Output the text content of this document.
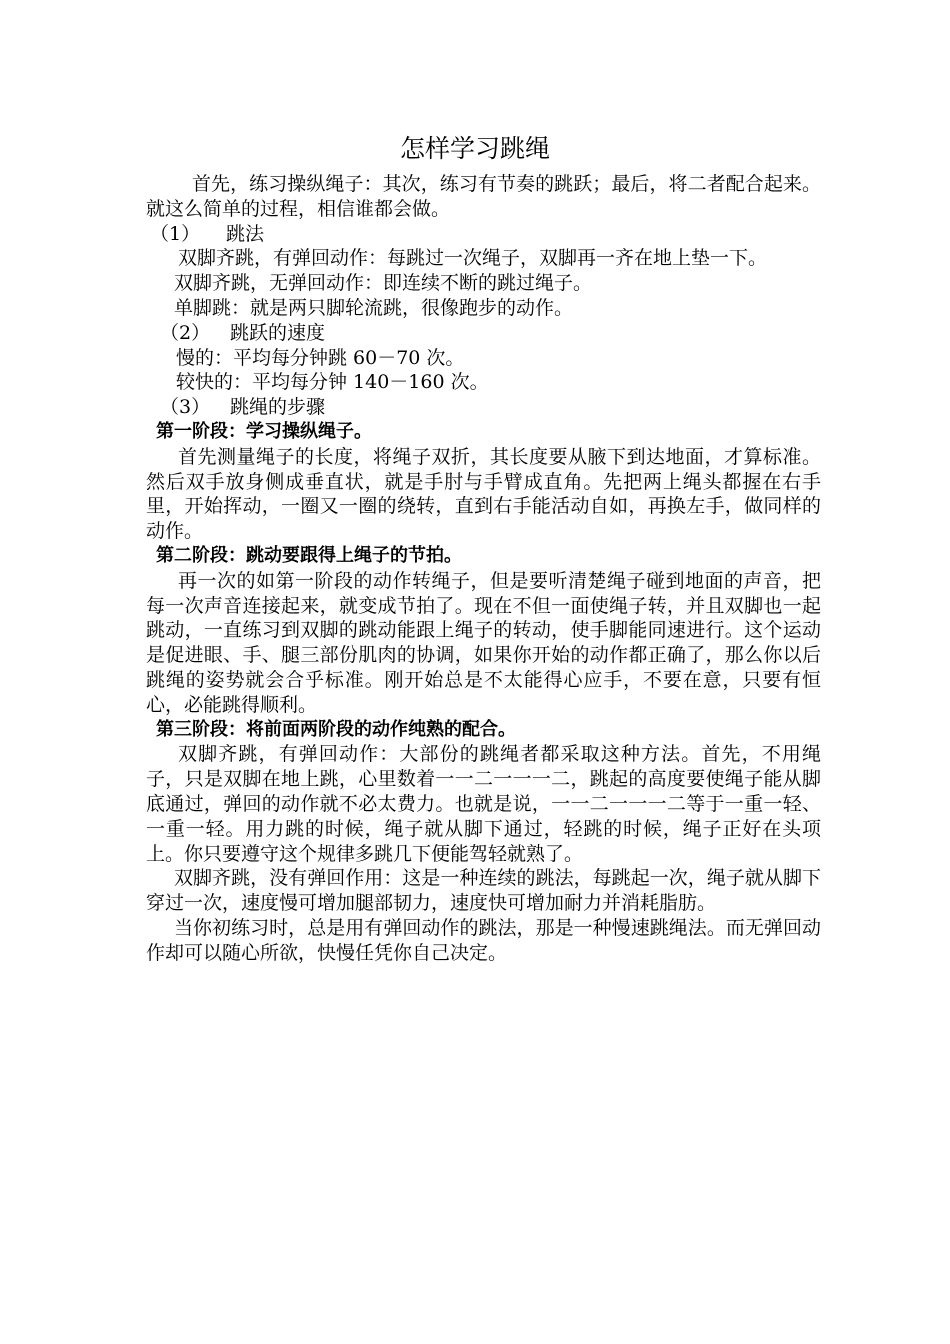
怎样学习跳绳

首先，练习操纵绳子：其次，练习有节奏的跳跃；最后，将二者配合起来。就这么简单的过程，相信谁都会做。

（1） 跳法

双脚齐跳，有弹回动作：每跳过一次绳子，双脚再一齐在地上垫一下。

双脚齐跳，无弹回动作：即连续不断的跳过绳子。

单脚跳：就是两只脚轮流跳，很像跑步的动作。

（2） 跳跃的速度

慢的：平均每分钟跳 60－70 次。

较快的：平均每分钟 140－160 次。

（3） 跳绳的步骤

第一阶段：学习操纵绳子。

首先测量绳子的长度，将绳子双折，其长度要从腋下到达地面，才算标准。然后双手放身侧成垂直状，就是手肘与手臂成直角。先把两上绳头都握在右手里，开始挥动，一圈又一圈的绕转，直到右手能活动自如，再换左手，做同样的动作。

第二阶段：跳动要跟得上绳子的节拍。

再一次的如第一阶段的动作转绳子，但是要听清楚绳子碰到地面的声音，把每一次声音连接起来，就变成节拍了。现在不但一面使绳子转，并且双脚也一起跳动，一直练习到双脚的跳动能跟上绳子的转动，使手脚能同速进行。这个运动是促进眼、手、腿三部份肌肉的协调，如果你开始的动作都正确了，那么你以后跳绳的姿势就会合乎标准。刚开始总是不太能得心应手，不要在意，只要有恒心，必能跳得顺利。

第三阶段：将前面两阶段的动作纯熟的配合。

双脚齐跳，有弹回动作：大部份的跳绳者都采取这种方法。首先，不用绳子，只是双脚在地上跳，心里数着一一二一一一二，跳起的高度要使绳子能从脚底通过，弹回的动作就不必太费力。也就是说，一一二一一一二等于一重一轻、一重一轻。用力跳的时候，绳子就从脚下通过，轻跳的时候，绳子正好在头项上。你只要遵守这个规律多跳几下便能驾轻就熟了。

双脚齐跳，没有弹回作用：这是一种连续的跳法，每跳起一次，绳子就从脚下穿过一次，速度慢可增加腿部韧力，速度快可增加耐力并消耗脂肪。

当你初练习时，总是用有弹回动作的跳法，那是一种慢速跳绳法。而无弹回动作却可以随心所欲，快慢任凭你自己决定。
